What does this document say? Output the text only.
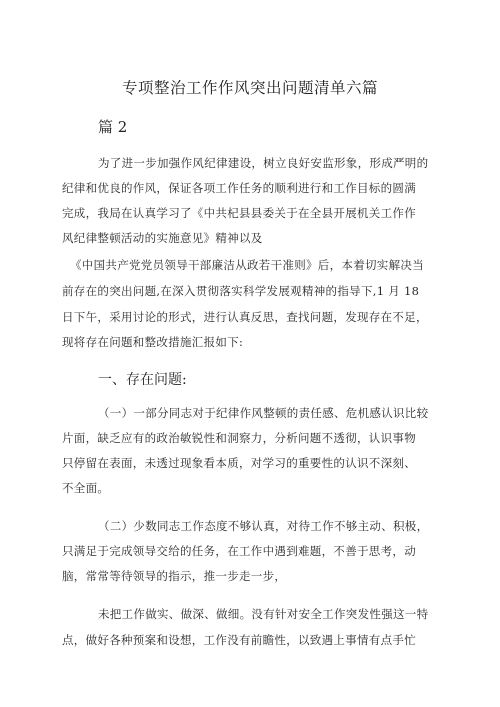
专项整治工作作风突出问题清单六篇
篇 2
为了进一步加强作风纪律建设，树立良好安监形象，形成严明的
纪律和优良的作风，保证各项工作任务的顺利进行和工作目标的圆满
完成，我局在认真学习了《中共杞县县委关于在全县开展机关工作作
风纪律整顿活动的实施意见》精神以及
《中国共产党党员领导干部廉洁从政若干准则》后，本着切实解决当
前存在的突出问题,在深入贯彻落实科学发展观精神的指导下,1 月 18
日下午，采用讨论的形式，进行认真反思，查找问题，发现存在不足，
现将存在问题和整改措施汇报如下:
一、存在问题:
（一）一部分同志对于纪律作风整顿的责任感、危机感认识比较
片面，缺乏应有的政治敏锐性和洞察力，分析问题不透彻，认识事物
只停留在表面，未透过现象看本质，对学习的重要性的认识不深刻、
不全面。
（二）少数同志工作态度不够认真，对待工作不够主动、积极，
只满足于完成领导交给的任务，在工作中遇到难题，不善于思考，动
脑，常常等待领导的指示，推一步走一步，
未把工作做实、做深、做细。没有针对安全工作突发性强这一特
点，做好各种预案和设想，工作没有前瞻性，以致遇上事情有点手忙
